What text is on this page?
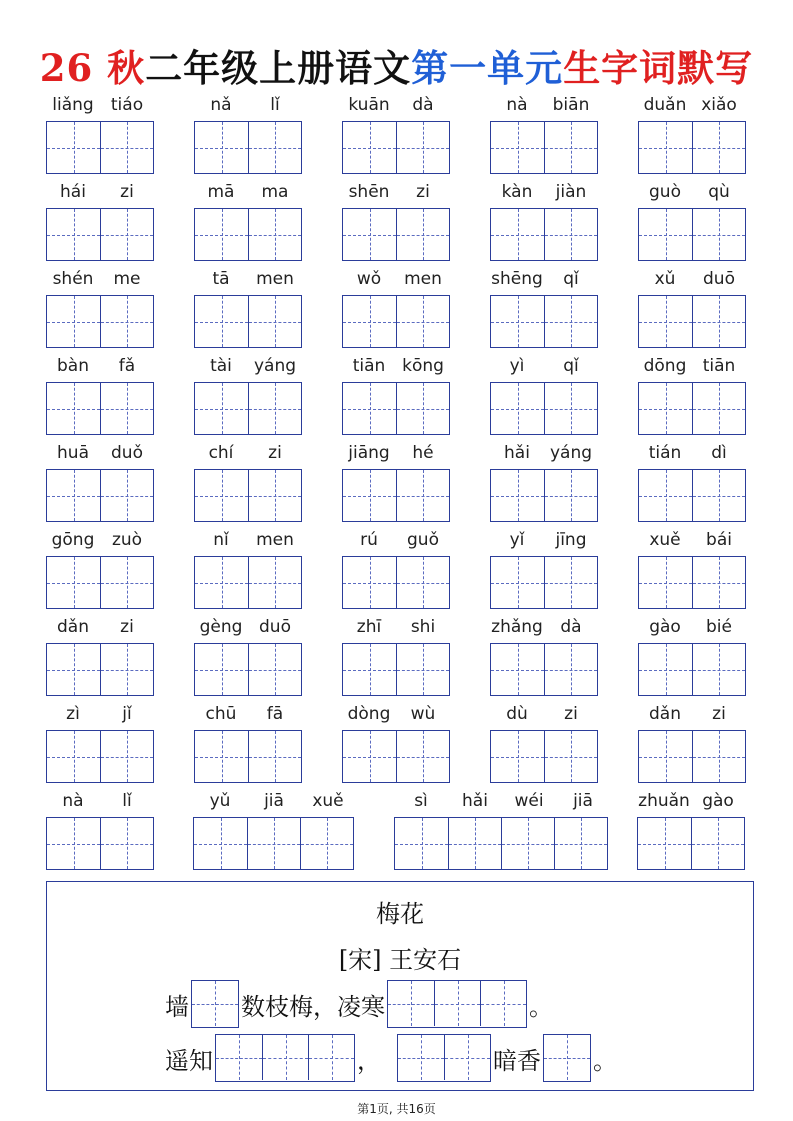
26 秋二年级上册语文第一单元生字词默写
liǎng	tiáo	nǎ	lǐ	kuān	dà	nà	biān	duǎn xiǎo
hái	zi	mā	ma	shēn	zi	kàn	jiàn	guò	qù
shén	me	tā	men	wǒ	men	shēng	qǐ	xǔ	duō
bàn	fǎ	tài	yáng	tiān kōng	yì	qǐ	dōng tiān
huā	duǒ	chí	zi	jiāng	hé	hǎi	yáng	tián	dì
gōng	zuò	nǐ	men	rú	guǒ	yǐ	jīng	xuě	bái
dǎn	zi	gèng duō	zhī	shi	zhǎng	dà	gào	bié
zì	jǐ	chū	fā	dòng	wù	dù	zi	dǎn	zi
nà	lǐ	yǔ	jiā	xuě	sì	hǎi	wéi	jiā	zhuǎn gào
梅花
[宋] 王安石
墙 数枝梅，凌寒	。
遥知	，	暗香 。
第1页, 共16页
